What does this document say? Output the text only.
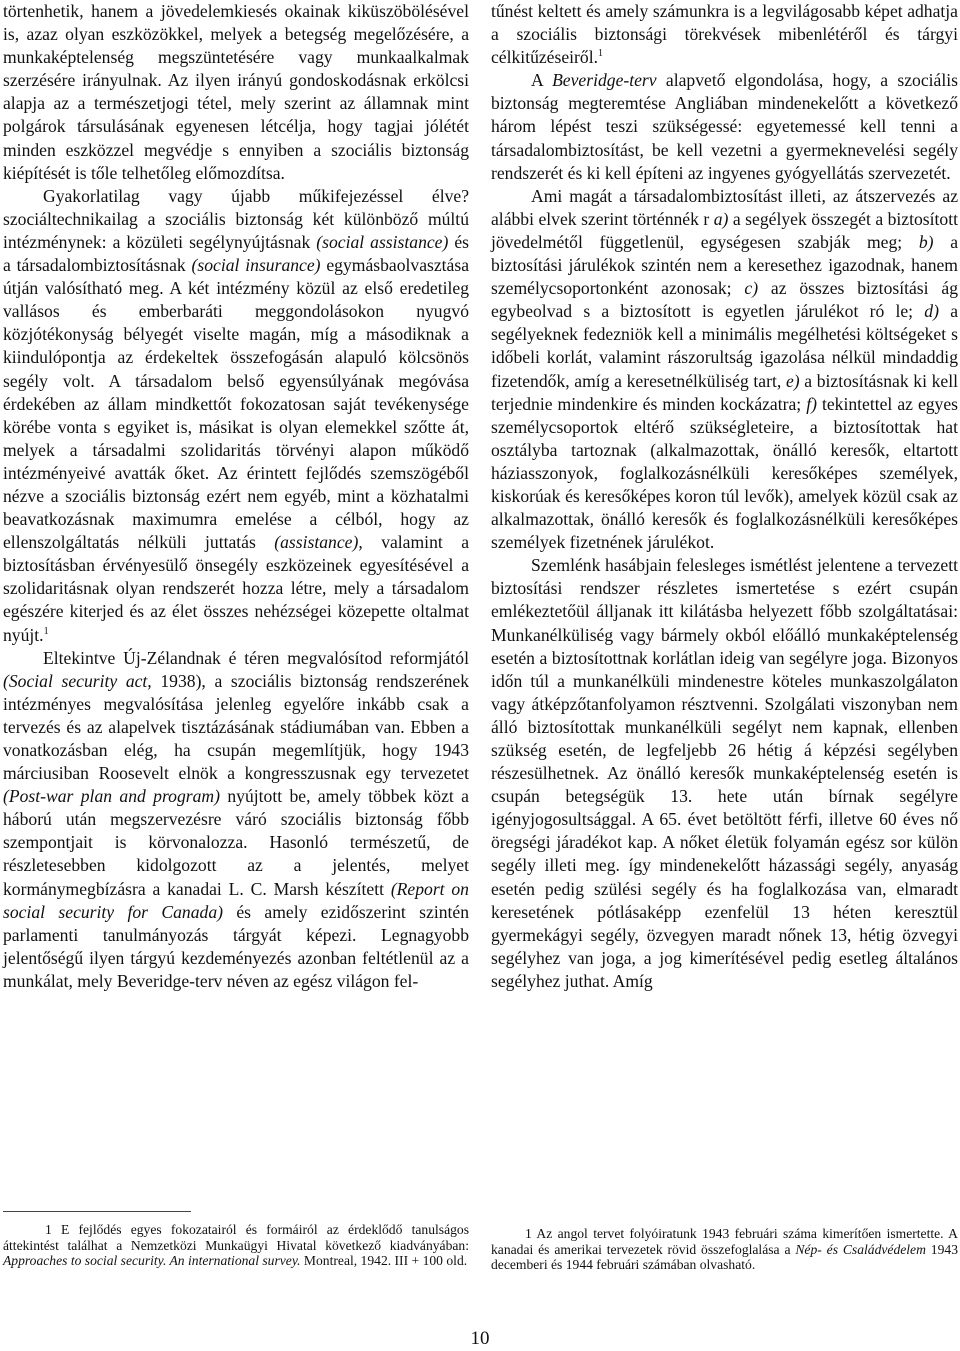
törtenhetik, hanem a jövedelemkiesés okainak kiküszöbölésével is, azaz olyan eszközökkel, melyek a betegség megelőzésére, a munkaképtelenség megszüntetésére vagy munkaalkalmak szerzésére irányulnak. Az ilyen irányú gondoskodásnak erkölcsi alapja az a természetjogi tétel, mely szerint az államnak mint polgárok társulásának egyenesen létcélja, hogy tagjai jólétét minden eszközzel megvédje s ennyiben a szociális biztonság kiépítését is tőle telhetőleg előmozdítsa.

Gyakorlatilag vagy újabb műkifejezéssel élve? szociáltechnikailag a szociális biztonság két különböző múltú intézménynek: a közületi segélynyújtásnak (social assistance) és a társadalombiztosításnak (social insurance) egymásbaolvasztása útján valósítható meg. A két intézmény közül az első eredetileg vallásos és emberbaráti meggondolásokon nyugvó közjótékonyság bélyegét viselte magán, míg a másodiknak a kiindulópontja az érdekeltek összefogásán alapuló kölcsönös segély volt. A társadalom belső egyensúlyának megóvása érdekében az állam mindkettőt fokozatosan saját tevékenysége körébe vonta s egyiket is, másikat is olyan elemekkel szőtte át, melyek a társadalmi szolidaritás törvényi alapon működő intézményeivé avatták őket. Az érintett fejlődés szemszögéből nézve a szociális biztonság ezért nem egyéb, mint a közhatalmi beavatkozásnak maximumra emelése a célból, hogy az ellenszolgáltatás nélküli juttatás (assistance), valamint a biztosításban érvényesülő önsegély eszközeinek egyesítésével a szolidaritásnak olyan rendszerét hozza létre, mely a társadalom egészére kiterjed és az élet összes nehézségei közepette oltalmat nyújt.$^1$

Eltekintve Új-Zélandnak é téren megvalósítod reformjától (Social security act, 1938), a szociális biztonság rendszerének intézményes megvalósítása jelenleg egyelőre inkább csak a tervezés és az alapelvek tisztázásának stádiumában van. Ebben a vonatkozásban elég, ha csupán megemlítjük, hogy 1943 márciusiban Roosevelt elnök a kongresszusnak egy tervezetet (Post-war plan and program) nyújtott be, amely többek közt a háború után megszervezésre váró szociális biztonság főbb szempontjait is körvonalozza. Hasonló természetű, de részletesebben kidolgozott az a jelentés, melyet kormánymegbízásra a kanadai L. C. Marsh készített (Report on social security for Canada) és amely ezidőszerint szintén parlamenti tanulmányozás tárgyát képezi. Legnagyobb jelentőségű ilyen tárgyú kezdeményezés azonban feltétlenül az a munkálat, mely Beveridge-terv néven az egész világon fel-

tűnést keltett és amely számunkra is a legvilágosabb képet adhatja a szociális biztonsági törekvések mibenlétéről és tárgyi célkitűzéseiről.$^1$

A Beveridge-terv alapvető elgondolása, hogy, a szociális biztonság megteremtése Angliában mindenekelőtt a következő három lépést teszi szükségessé: egyetemessé kell tenni a társadalombiztosítást, be kell vezetni a gyermeknevelési segély rendszerét és ki kell építeni az ingyenes gyógyellátás szervezetét.

Ami magát a társadalombiztosítást illeti, az átszervezés az alábbi elvek szerint történnék r a) a segélyek összegét a biztosított jövedelmétől függetlenül, egységesen szabják meg; b) a biztosítási járulékok szintén nem a keresethez igazodnak, hanem személycsoportonként azonosak; c) az összes biztosítási ág egybeolvad s a biztosított is egyetlen járulékot ró le; d) a segélyeknek fedezniök kell a minimális megélhetési költségeket s időbeli korlát, valamint rászorultság igazolása nélkül mindaddig fizetendők, amíg a keresetnélküliség tart, e) a biztosításnak ki kell terjednie mindenkire és minden kockázatra; f) tekintettel az egyes személycsoportok eltérő szükségleteire, a biztosítottak hat osztályba tartoznak (alkalmazottak, önálló keresők, eltartott háziasszonyok, foglalkozásnélküli keresőképes személyek, kiskorúak és keresőképes koron túl levők), amelyek közül csak az alkalmazottak, önálló keresők és foglalkozásnélküli keresőképes személyek fizetnének járulékot.

Szemlénk hasábjain felesleges ismétlést jelentene a tervezett biztosítási rendszer részletes ismertetése s ezért csupán emlékeztetőül álljanak itt kilátásba helyezett főbb szolgáltatásai: Munkanélküliség vagy bármely okból előálló munkaképtelenség esetén a biztosítottnak korlátlan ideig van segélyre joga. Bizonyos időn túl a munkanélküli mindenestre köteles munkaszolgálaton vagy átképzőtanfolyamon résztvenni. Szolgálati viszonyban nem álló biztosítottak munkanélküli segélyt nem kapnak, ellenben szükség esetén, de legfeljebb 26 hétig á képzési segélyben részesülhetnek. Az önálló keresők munkaképtelenség esetén is csupán betegségük 13. hete után bírnak segélyre igényjogosultsággal. A 65. évet betöltött férfi, illetve 60 éves nő öregségi járadékot kap. A nőket életük folyamán egész sor külön segély illeti meg. így mindenekelőtt házassági segély, anyaság esetén pedig szülési segély és ha foglalkozása van, elmaradt keresetének pótlásaképp ezenfelül 13 héten keresztül gyermekágyi segély, özvegyen maradt nőnek 13, hétig özvegyi segélyhez van joga, a jog kimerítésével pedig esetleg általános segélyhez juthat. Amíg

1 E fejlődés egyes fokozatairól és formáiról az érdeklődő tanulságos áttekintést találhat a Nemzetközi Munkaügyi Hivatal következő kiadványában: Approaches to social security. An international survey. Montreal, 1942. III + 100 old.

1 Az angol tervet folyóiratunk 1943 februári száma kimerítően ismertette. A kanadai és amerikai tervezetek rövid összefoglalása a Nép- és Családvédelem 1943 decemberi és 1944 februári számában olvasható.

10
